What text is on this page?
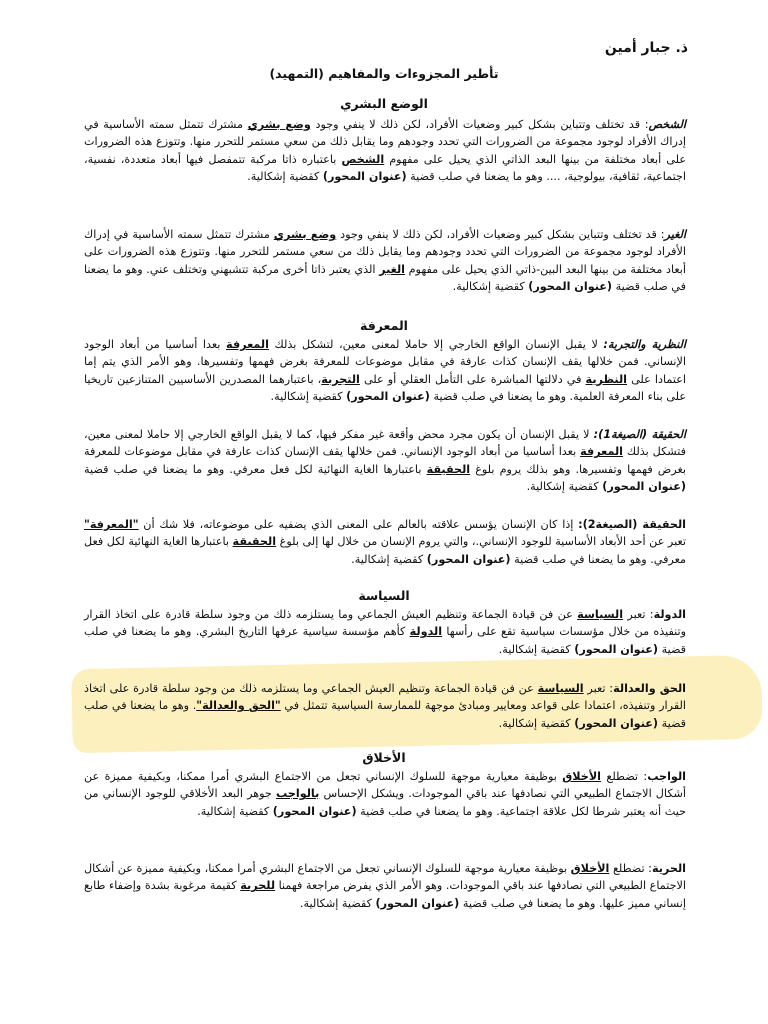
ذ. جبار أمين
تأطير المجزوءات والمفاهيم (التمهيد)
الوضع البشري
الشخص: قد تختلف وتتباين بشكل كبير وضعيات الأفراد، لكن ذلك لا ينفي وجود وضع بشري مشترك تتمثل سمته الأساسية في إدراك الأفراد لوجود مجموعة من الضرورات التي تحدد وجودهم وما يقابل ذلك من سعي مستمر للتحرر منها. وتتوزع هذه الضرورات على أبعاد مختلفة من بينها البعد الذاتي الذي يحيل على مفهوم الشخص باعتباره ذاتا مركبة تتمفصل فيها أبعاد متعددة، نفسية، اجتماعية، ثقافية، بيولوجية، .... وهو ما يضعنا في صلب قضية (عنوان المحور) كقضية إشكالية.
الغير: قد تختلف وتتباين بشكل كبير وضعيات الأفراد، لكن ذلك لا ينفي وجود وضع بشري مشترك تتمثل سمته الأساسية في إدراك الأفراد لوجود مجموعة من الضرورات التي تحدد وجودهم وما يقابل ذلك من سعي مستمر للتحرر منها. وتتوزع هذه الضرورات على أبعاد مختلفة من بينها البعد البين-ذاتي الذي يحيل على مفهوم الغير الذي يعتبر ذاتا أخرى مركبة تتشبهني وتختلف عني. وهو ما يضعنا في صلب قضية (عنوان المحور) كقضية إشكالية.
المعرفة
النظرية والتجربة: لا يقبل الإنسان الواقع الخارجي إلا حاملا لمعنى معين، لتشكل بذلك المعرفة بعدا أساسيا من أبعاد الوجود الإنساني. فمن خلالها يقف الإنسان كذات عارفة في مقابل موضوعات للمعرفة بغرض فهمها وتفسيرها. وهو الأمر الذي يتم إما اعتمادا على النظرية في دلالتها المباشرة على التأمل العقلي أو على التجربة، باعتبارهما المصدرين الأساسيين المتنازعين تاريخيا على بناء المعرفة العلمية. وهو ما يضعنا في صلب قضية (عنوان المحور) كقضية إشكالية.
الحقيقة (الصيغة1): لا يقبل الإنسان أن يكون مجرد محض وأقعة غير مفكر فيها، كما لا يقبل الواقع الخارجي إلا حاملا لمعنى معين، فتشكل بذلك المعرفة بعدا أساسيا من أبعاد الوجود الإنساني. فمن خلالها يقف الإنسان كذات عارفة في مقابل موضوعات للمعرفة بغرض فهمها وتفسيرها. وهو بذلك يروم بلوغ الحقيقة باعتبارها الغاية النهائية لكل فعل معرفي. وهو ما يضعنا في صلب قضية (عنوان المحور) كقضية إشكالية.
الحقيقة (الصيغة2): إذا كان الإنسان يؤسس علاقته بالعالم على المعنى الذي يضفيه على موضوعاته، فلا شك أن "المعرفة" تعبر عن أحد الأبعاد الأساسية للوجود الإنساني.، والتي يروم الإنسان من خلال لها إلى بلوغ الحقيقة باعتبارها الغاية النهائية لكل فعل معرفي. وهو ما يضعنا في صلب قضية (عنوان المحور) كقضية إشكالية.
السياسة
الدولة: تعبر السياسة عن فن قيادة الجماعة وتنظيم العيش الجماعي وما يستلزمه ذلك من وجود سلطة قادرة على اتخاذ القرار وتنفيذه من خلال مؤسسات سياسية تقع على رأسها الدولة كأهم مؤسسة سياسية عرفها التاريخ البشري. وهو ما يضعنا في صلب قضية (عنوان المحور) كقضية إشكالية.
الحق والعدالة: تعبر السياسة عن فن قيادة الجماعة وتنظيم العيش الجماعي وما يستلزمه ذلك من وجود سلطة قادرة على اتخاذ القرار وتنفيذه، اعتمادا على قواعد ومعايير ومبادئ موجهة للممارسة السياسية تتمثل في "الحق والعدالة". وهو ما يضعنا في صلب قضية (عنوان المحور) كقضية إشكالية.
الأخلاق
الواجب: تضطلع الأخلاق بوظيفة معيارية موجهة للسلوك الإنساني تجعل من الاجتماع البشري أمرا ممكنا، وبكيفية مميزة عن أشكال الاجتماع الطبيعي التي نصادفها عند باقي الموجودات. ويشكل الإحساس بالواجب جوهر البعد الأخلاقي للوجود الإنساني من حيث أنه يعتبر شرطا لكل علاقة اجتماعية. وهو ما يضعنا في صلب قضية (عنوان المحور) كقضية إشكالية.
الحرية: تضطلع الأخلاق بوظيفة معيارية موجهة للسلوك الإنساني تجعل من الاجتماع البشري أمرا ممكنا، وبكيفية مميزة عن أشكال الاجتماع الطبيعي التي نصادفها عند باقي الموجودات. وهو الأمر الذي يفرض مراجعة فهمنا للحرية كقيمة مرغوبة بشدة وإضفاء طابع إنساني مميز عليها. وهو ما يضعنا في صلب قضية (عنوان المحور) كقضية إشكالية.
